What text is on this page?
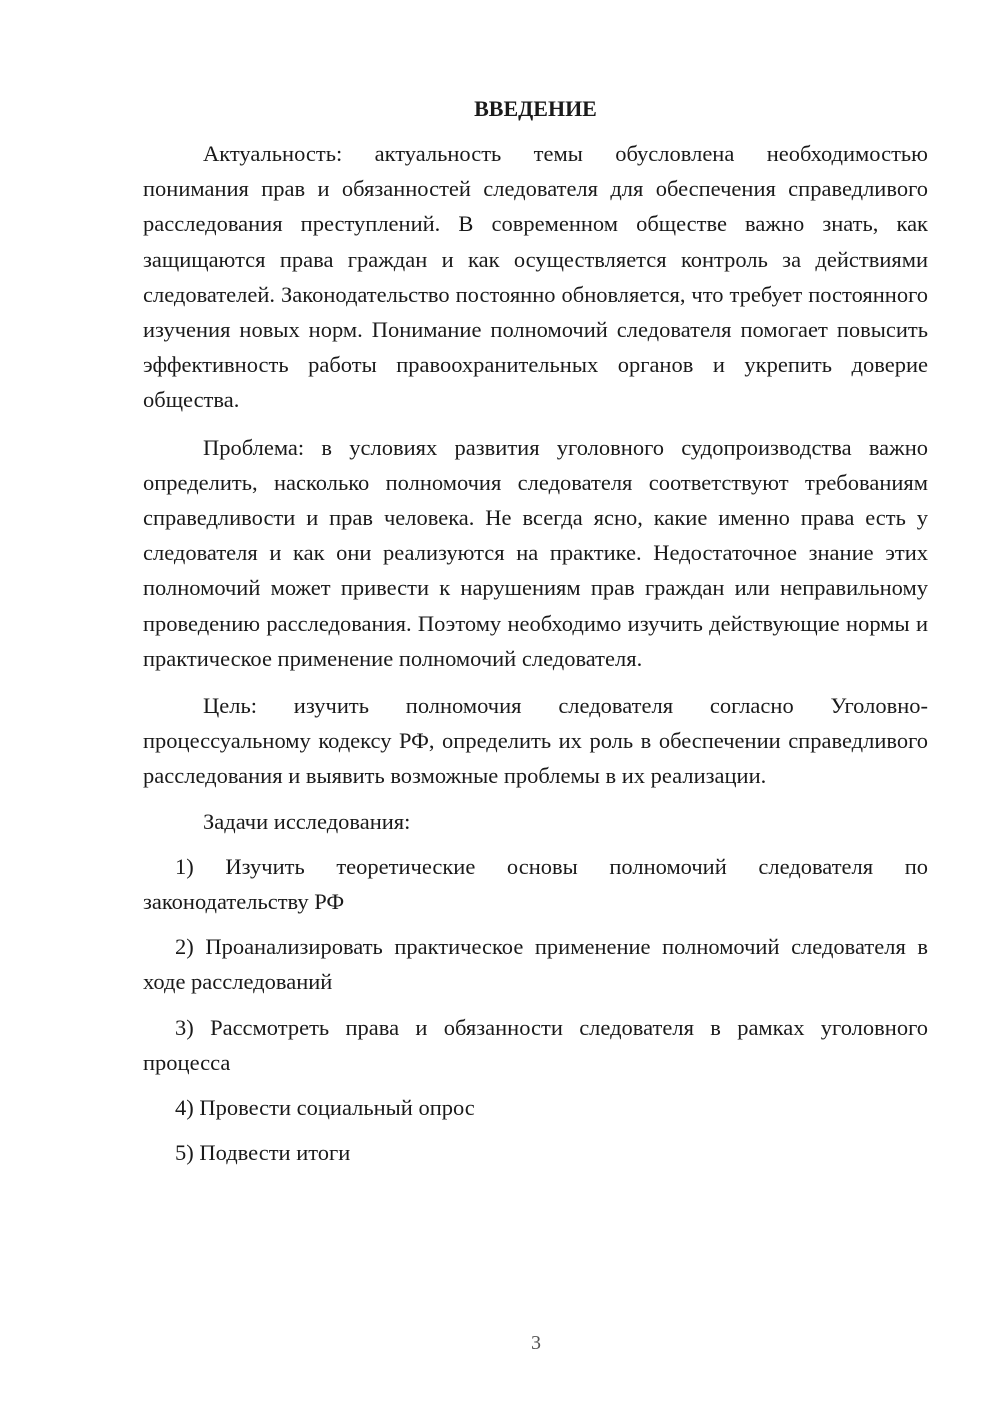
ВВЕДЕНИЕ

Актуальность: актуальность темы обусловлена необходимостью понимания прав и обязанностей следователя для обеспечения справедливого расследования преступлений. В современном обществе важно знать, как защищаются права граждан и как осуществляется контроль за действиями следователей. Законодательство постоянно обновляется, что требует постоянного изучения новых норм. Понимание полномочий следователя помогает повысить эффективность работы правоохранительных органов и укрепить доверие общества.

Проблема: в условиях развития уголовного судопроизводства важно определить, насколько полномочия следователя соответствуют требованиям справедливости и прав человека. Не всегда ясно, какие именно права есть у следователя и как они реализуются на практике. Недостаточное знание этих полномочий может привести к нарушениям прав граждан или неправильному проведению расследования. Поэтому необходимо изучить действующие нормы и практическое применение полномочий следователя.

Цель: изучить полномочия следователя согласно Уголовно-процессуальному кодексу РФ, определить их роль в обеспечении справедливого расследования и выявить возможные проблемы в их реализации.

Задачи исследования:

1) Изучить теоретические основы полномочий следователя по законодательству РФ

2) Проанализировать практическое применение полномочий следователя в ходе расследований

3) Рассмотреть права и обязанности следователя в рамках уголовного процесса

4) Провести социальный опрос

5) Подвести итоги

3
